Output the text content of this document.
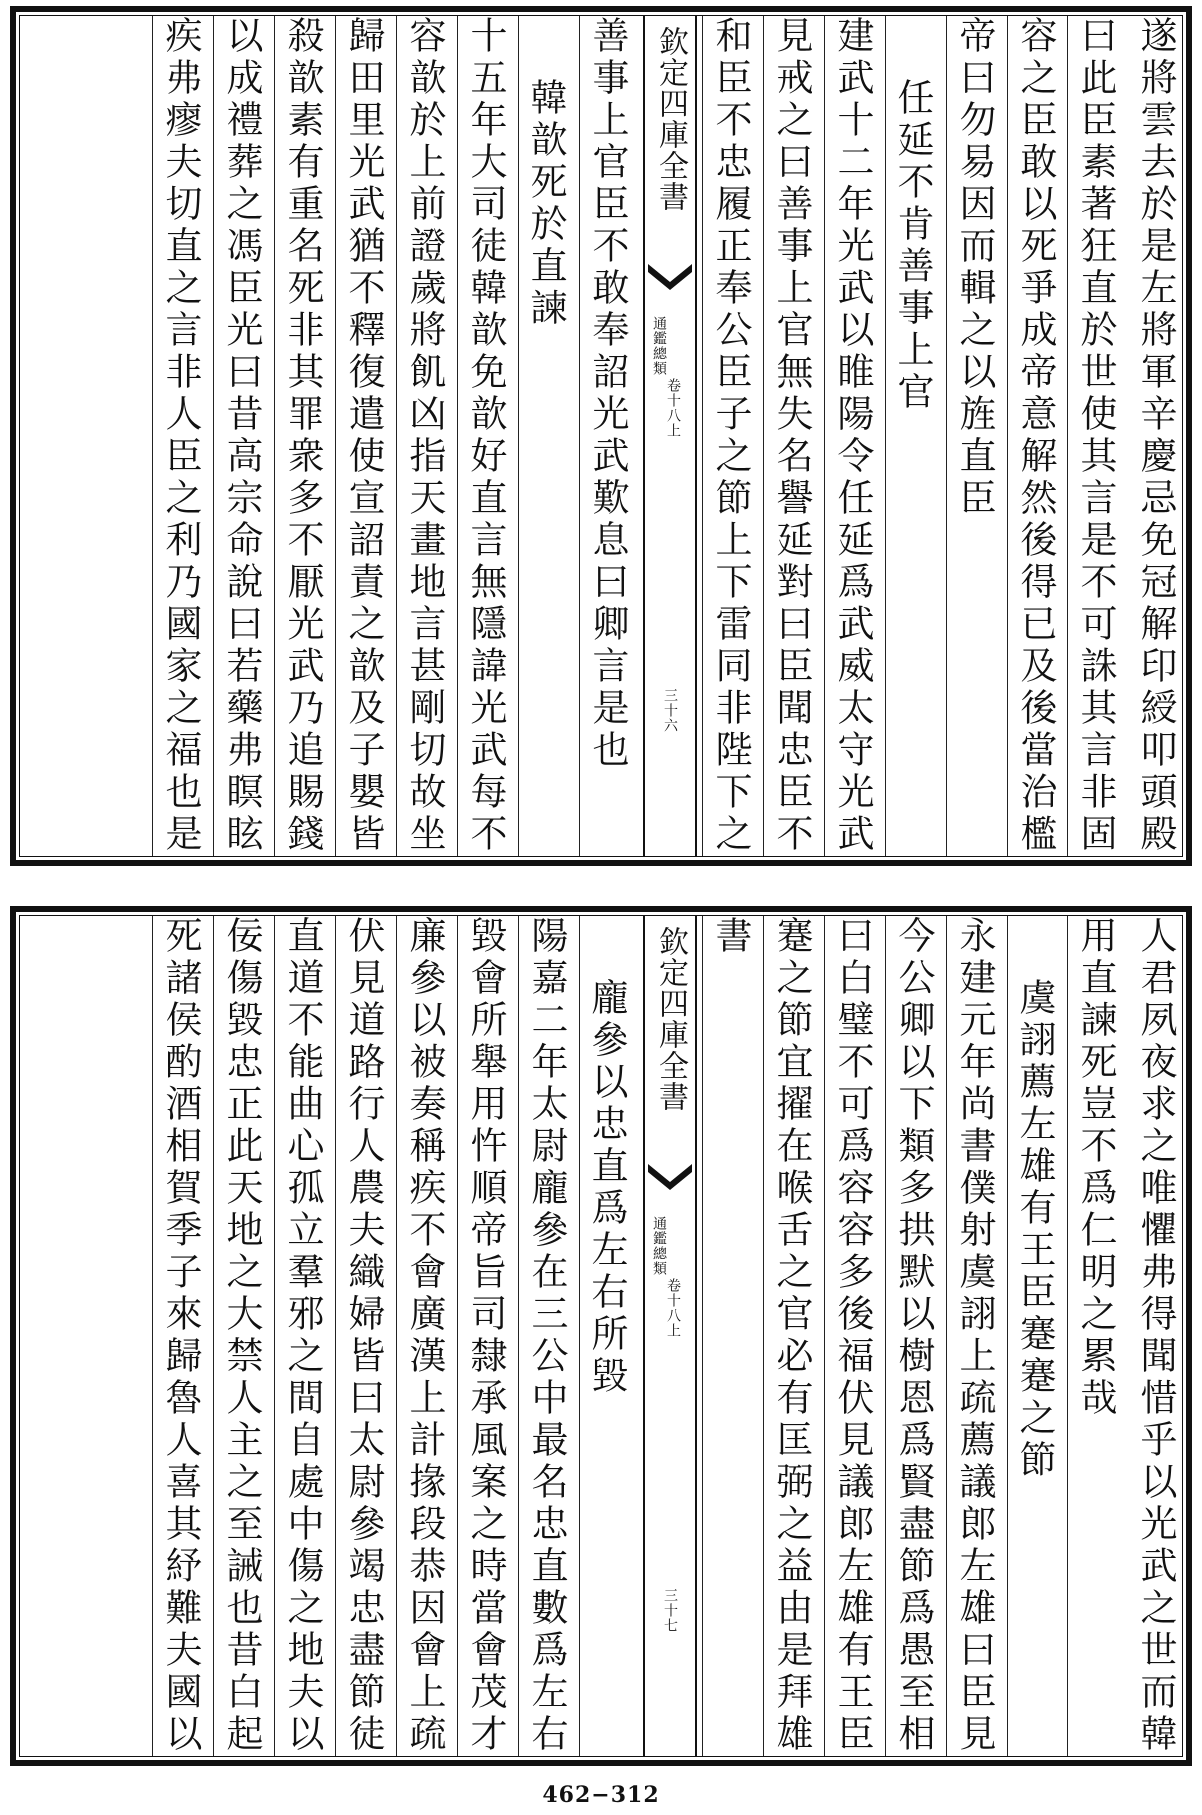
遂將雲去於是左將軍辛慶忌免冠解印綬叩頭殿
曰此臣素著狂直於世使其言是不可誅其言非固
容之臣敢以死爭成帝意解然後得已及後當治檻
帝曰勿易因而輯之以旌直臣
任延不肯善事上官
建武十二年光武以睢陽令任延爲武威太守光武
見戒之曰善事上官無失名譽延對曰臣聞忠臣不
和臣不忠履正奉公臣子之節上下雷同非陛下之
欽定四庫全書
通鑑總類
卷十八上
三十六
善事上官臣不敢奉詔光武歎息曰卿言是也
韓歆死於直諫
十五年大司徒韓歆免歆好直言無隱諱光武每不
容歆於上前證歲將飢凶指天畫地言甚剛切故坐
歸田里光武猶不釋復遣使宣詔責之歆及子嬰皆
殺歆素有重名死非其罪衆多不厭光武乃追賜錢
以成禮葬之馮臣光曰昔高宗命說曰若藥弗瞑眩
疾弗瘳夫切直之言非人臣之利乃國家之福也是
人君夙夜求之唯懼弗得聞惜乎以光武之世而韓
用直諫死豈不爲仁明之累哉
虞詡薦左雄有王臣蹇蹇之節
永建元年尚書僕射虞詡上疏薦議郎左雄曰臣見
今公卿以下類多拱默以樹恩爲賢盡節爲愚至相
曰白璧不可爲容容多後福伏見議郎左雄有王臣
蹇之節宜擢在喉舌之官必有匡弼之益由是拜雄
書
欽定四庫全書
通鑑總類
卷十八上
三十七
龐參以忠直爲左右所毀
陽嘉二年太尉龐參在三公中最名忠直數爲左右
毀會所舉用忤順帝旨司隸承風案之時當會茂才
廉參以被奏稱疾不會廣漢上計掾段恭因會上疏
伏見道路行人農夫織婦皆曰太尉參竭忠盡節徒
直道不能曲心孤立羣邪之間自處中傷之地夫以
佞傷毀忠正此天地之大禁人主之至誡也昔白起
死諸侯酌酒相賀季子來歸魯人喜其紓難夫國以
462−312
